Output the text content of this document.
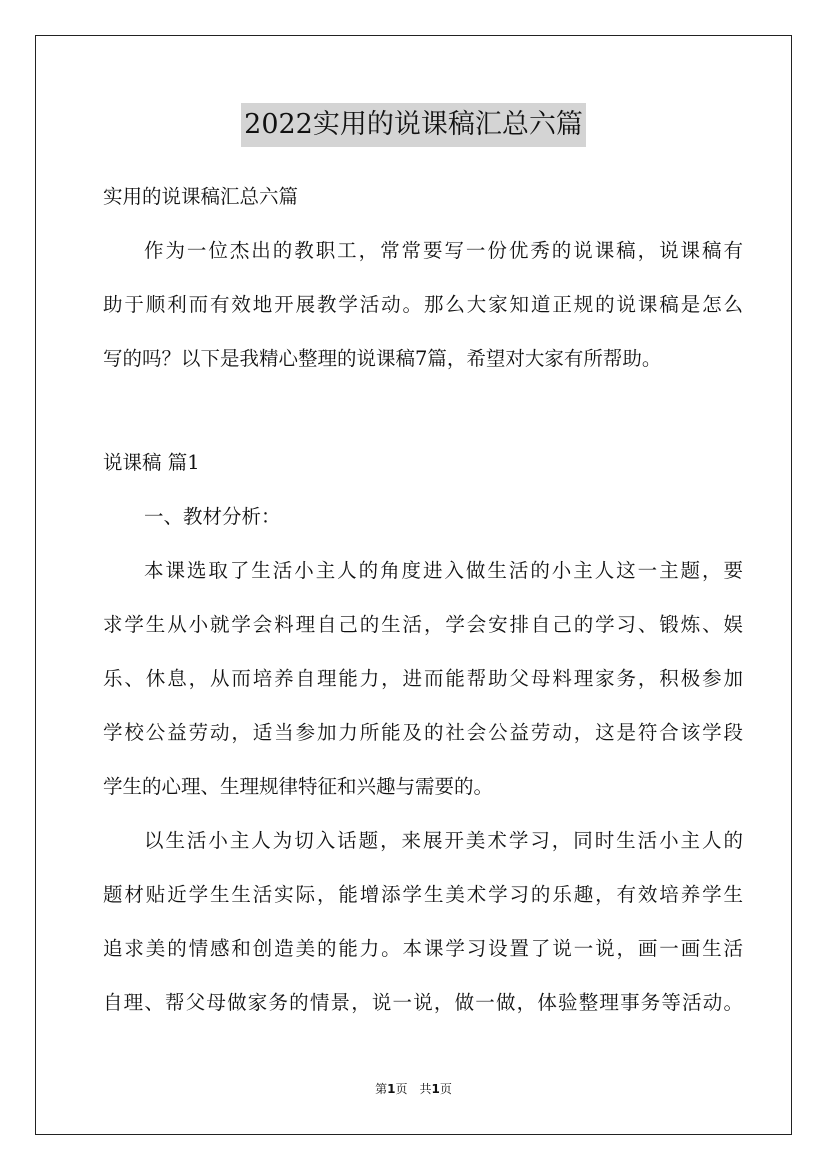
2022实用的说课稿汇总六篇
实用的说课稿汇总六篇
作为一位杰出的教职工，常常要写一份优秀的说课稿，说课稿有
助于顺利而有效地开展教学活动。那么大家知道正规的说课稿是怎么
写的吗？以下是我精心整理的说课稿7篇，希望对大家有所帮助。
说课稿 篇1
一、教材分析：
本课选取了生活小主人的角度进入做生活的小主人这一主题，要
求学生从小就学会料理自己的生活，学会安排自己的学习、锻炼、娱
乐、休息，从而培养自理能力，进而能帮助父母料理家务，积极参加
学校公益劳动，适当参加力所能及的社会公益劳动，这是符合该学段
学生的心理、生理规律特征和兴趣与需要的。
以生活小主人为切入话题，来展开美术学习，同时生活小主人的
题材贴近学生生活实际，能增添学生美术学习的乐趣，有效培养学生
追求美的情感和创造美的能力。本课学习设置了说一说，画一画生活
自理、帮父母做家务的情景，说一说，做一做，体验整理事务等活动。
第1页 共1页
